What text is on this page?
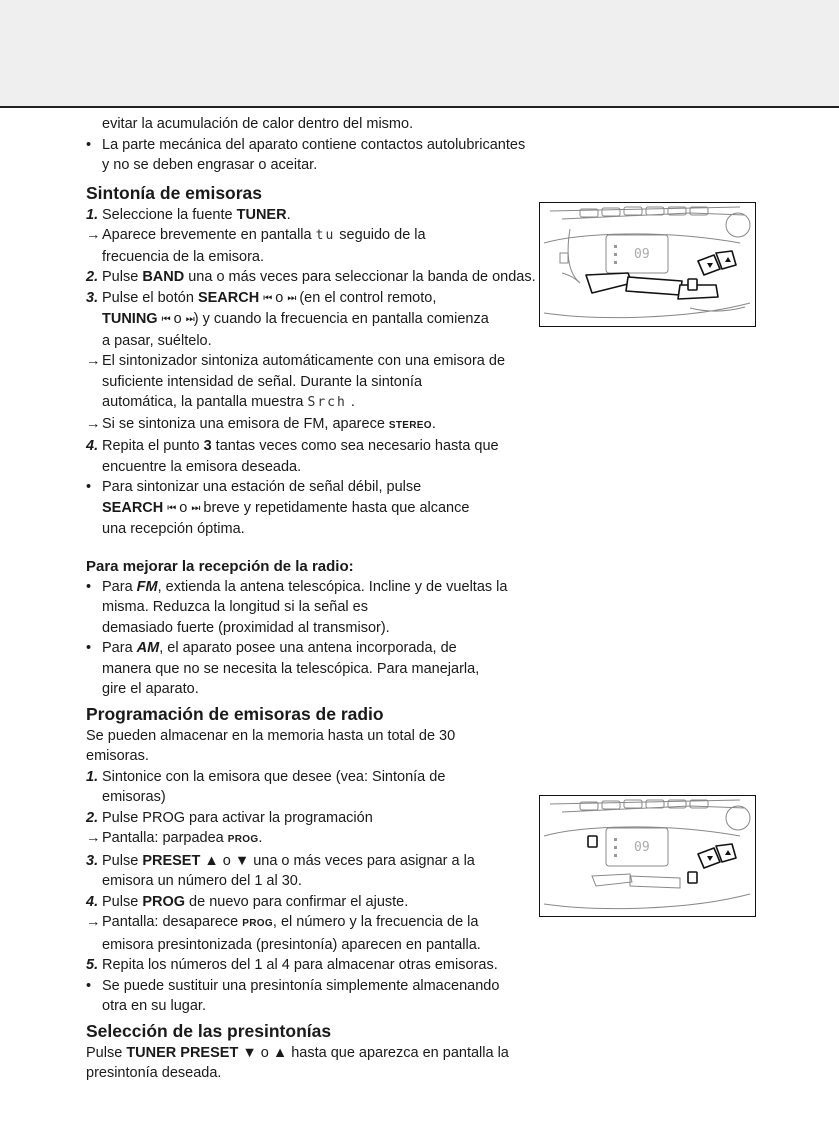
evitar la acumulación de calor dentro del mismo.

• La parte mecánica del aparato contiene contactos autolubricantes
y no se deben engrasar o aceitar.

Sintonía de emisoras

1. Seleccione la fuente TUNER.

→ Aparece brevemente en pantalla tu seguido de la
frecuencia de la emisora.

2. Pulse BAND una o más veces para seleccionar la banda de ondas.

3. Pulse el botón SEARCH ⏮ o ⏭ (en el control remoto,
TUNING ⏮ o ⏭) y cuando la frecuencia en pantalla comienza
a pasar, suéltelo.

→ El sintonizador sintoniza automáticamente con una emisora de
suficiente intensidad de señal. Durante la sintonía
automática, la pantalla muestra Srch .

→ Si se sintoniza una emisora de FM, aparece STEREO.

4. Repita el punto 3 tantas veces como sea necesario hasta que
encuentre la emisora deseada.

• Para sintonizar una estación de señal débil, pulse
SEARCH ⏮ o ⏭ breve y repetidamente hasta que alcance
una recepción óptima.

Para mejorar la recepción de la radio:

• Para FM, extienda la antena telescópica. Incline y de vueltas la
misma. Reduzca la longitud si la señal es
demasiado fuerte (proximidad al transmisor).

• Para AM, el aparato posee una antena incorporada, de
manera que no se necesita la telescópica. Para manejarla,
gire el aparato.

Programación de emisoras de radio

Se pueden almacenar en la memoria hasta un total de 30
emisoras.

1. Sintonice con la emisora que desee (vea: Sintonía de
emisoras)

2. Pulse PROG para activar la programación

→ Pantalla: parpadea PROG.

3. Pulse PRESET ▲ o ▼ una o más veces para asignar a la
emisora un número del 1 al 30.

4. Pulse PROG de nuevo para confirmar el ajuste.

→ Pantalla: desaparece PROG, el número y la frecuencia de la
emisora presintonizada (presintonía) aparecen en pantalla.

5. Repita los números del 1 al 4 para almacenar otras emisoras.

• Se puede sustituir una presintonía simplemente almacenando
otra en su lugar.

Selección de las presintonías

Pulse TUNER PRESET ▼ o ▲ hasta que aparezca en pantalla la
presintonía deseada.

09
09
